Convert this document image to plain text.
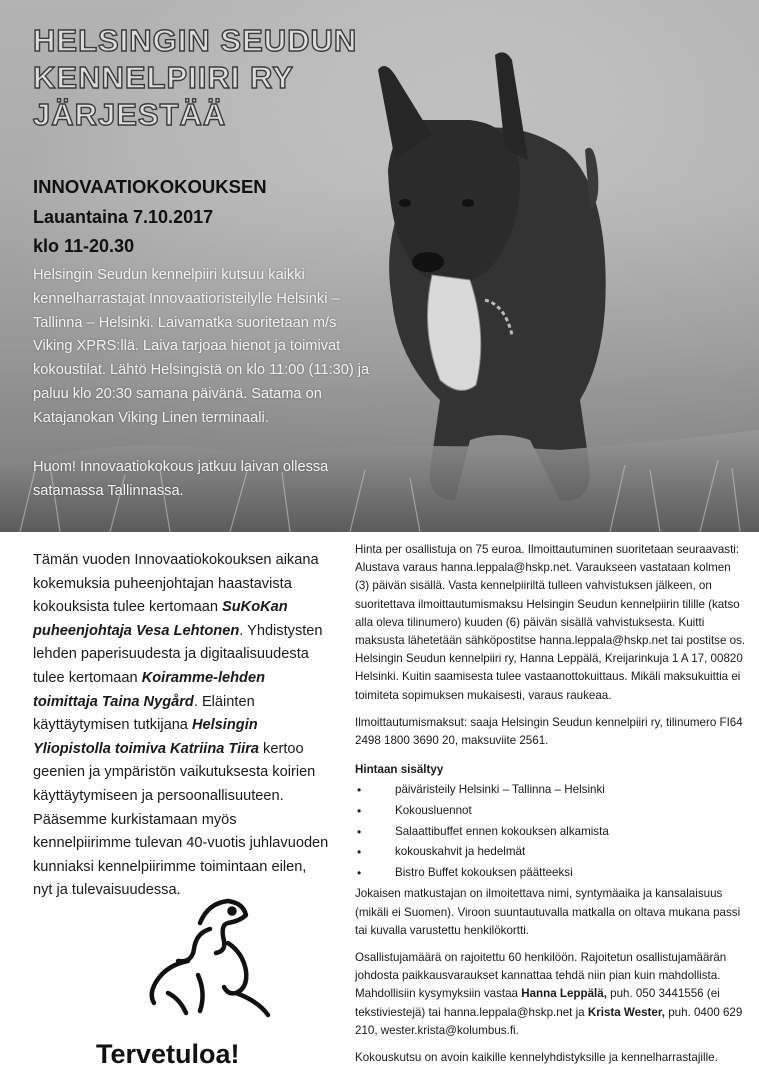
HELSINGIN SEUDUN
KENNELPIIRI RY
JÄRJESTÄÄ
INNOVAATIOKOKOUKSEN
Lauantaina 7.10.2017
klo 11-20.30

Helsingin Seudun kennelpiiri kutsuu kaikki kennelharrastajat Innovaatioristeilylle Helsinki – Tallinna – Helsinki. Laivamatka suoritetaan m/s Viking XPRS:llä. Laiva tarjoaa hienot ja toimivat kokoustilat. Lähtö Helsingistä on klo 11:00 (11:30) ja paluu klo 20:30 samana päivänä. Satama on Katajanokan Viking Linen terminaali.

Huom! Innovaatiokokous jatkuu laivan ollessa satamassa Tallinnassa.

Tämän vuoden Innovaatiokokouksen aikana kokemuksia puheenjohtajan haastavista kokouksista tulee kertomaan SuKoKan puheenjohtaja Vesa Lehtonen. Yhdistysten lehden paperisuudesta ja digitaalisuudesta tulee kertomaan Koiramme-lehden toimittaja Taina Nygård. Eläinten käyttäytymisen tutkijana Helsingin Yliopistolla toimiva Katriina Tiira kertoo geenien ja ympäristön vaikutuksesta koirien käyttäytymiseen ja persoonallisuuteen. Pääsemme kurkistamaan myös kennelpiirimme tulevan 40-vuotis juhlavuoden kunniaksi kennelpiirimme toimintaan eilen, nyt ja tulevaisuudessa.

Tervetuloa!

Hinta per osallistuja on 75 euroa. Ilmoittautuminen suoritetaan seuraavasti: Alustava varaus hanna.leppala@hskp.net. Varaukseen vastataan kolmen (3) päivän sisällä. Vasta kennelpiiriltä tulleen vahvistuksen jälkeen, on suoritettava ilmoittautumismaksu Helsingin Seudun kennelpiirin tilille (katso alla oleva tilinumero) kuuden (6) päivän sisällä vahvistuksesta. Kuitti maksusta lähetetään sähköpostitse hanna.leppala@hskp.net tai postitse os. Helsingin Seudun kennelpiiri ry, Hanna Leppälä, Kreijarinkuja 1 A 17, 00820 Helsinki. Kuitin saamisesta tulee vastaanottokuittaus. Mikäli maksukuittia ei toimiteta sopimuksen mukaisesti, varaus raukeaa.

Ilmoittautumismaksut: saaja Helsingin Seudun kennelpiiri ry, tilinumero FI64 2498 1800 3690 20, maksuviite 2561.

Hintaan sisältyy
•	päiväristeily Helsinki – Tallinna – Helsinki
•	Kokousluennot
•	Salaattibuffet ennen kokouksen alkamista
•	kokouskahvit ja hedelmät
•	Bistro Buffet kokouksen päätteeksi

Jokaisen matkustajan on ilmoitettava nimi, syntymäaika ja kansalaisuus (mikäli ei Suomen). Viroon suuntautuvalla matkalla on oltava mukana passi tai kuvalla varustettu henkilökortti.

Osallistujamäärä on rajoitettu 60 henkilöön. Rajoitetun osallistujamäärän johdosta paikkausvaraukset kannattaa tehdä niin pian kuin mahdollista. Mahdollisiin kysymyksiin vastaa Hanna Leppälä, puh. 050 3441556 (ei tekstiviestejä) tai hanna.leppala@hskp.net ja Krista Wester, puh. 0400 629 210, wester.krista@kolumbus.fi.

Kokouskutsu on avoin kaikille kennelyhdistyksille ja kennelharrastajille.
